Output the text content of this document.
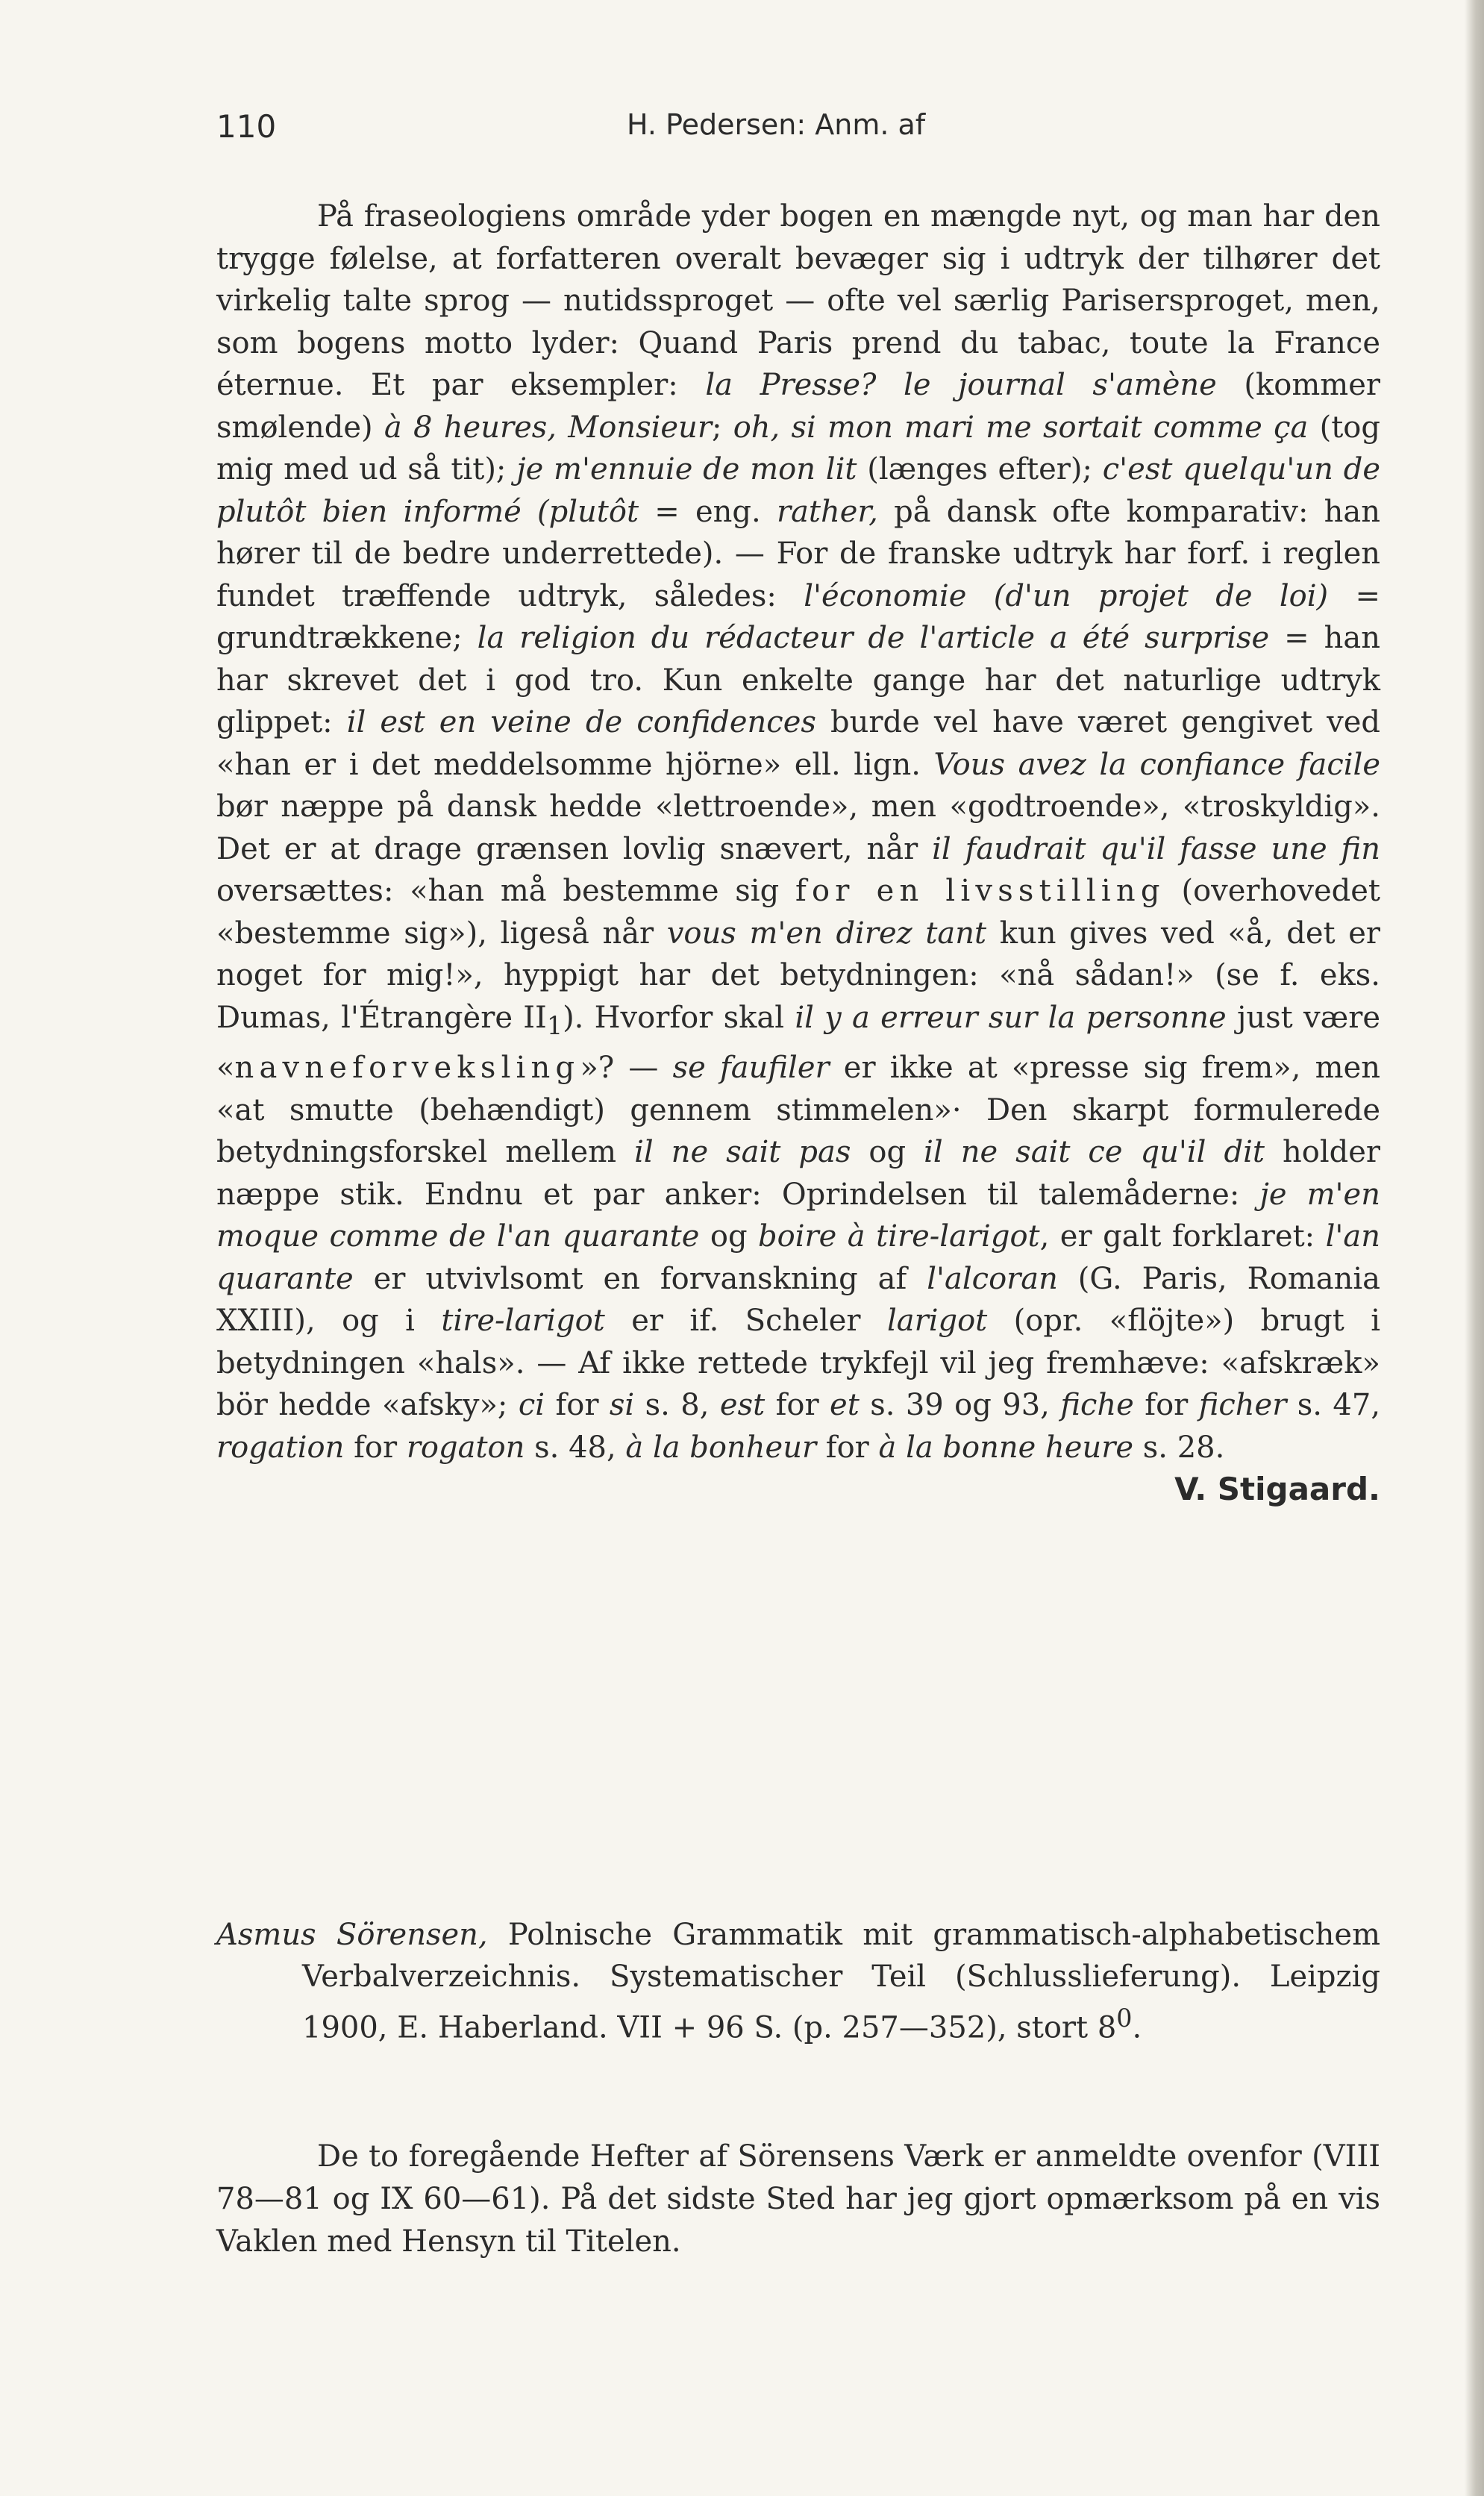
110	H. Pedersen: Anm. af

På fraseologiens område yder bogen en mængde nyt, og man har den trygge følelse, at forfatteren overalt bevæger sig i udtryk der tilhører det virkelig talte sprog — nutidssproget — ofte vel særlig Parisersproget, men, som bogens motto lyder: Quand Paris prend du tabac, toute la France éternue. Et par eksempler: la Presse? le journal s'amène (kommer smølende) à 8 heures, Monsieur; oh, si mon mari me sortait comme ça (tog mig med ud så tit); je m'ennuie de mon lit (længes efter); c'est quelqu'un de plutôt bien informé (plutôt = eng. rather, på dansk ofte komparativ: han hører til de bedre underrettede). — For de franske udtryk har forf. i reglen fundet træffende udtryk, således: l'économie (d'un projet de loi) = grundtrækkene; la religion du rédacteur de l'article a été surprise = han har skrevet det i god tro. Kun enkelte gange har det naturlige udtryk glippet: il est en veine de confidences burde vel have været gengivet ved «han er i det meddelsomme hjörne» ell. lign. Vous avez la confiance facile bør næppe på dansk hedde «lettroende», men «godtroende», «troskyldig». Det er at drage grænsen lovlig snævert, når il faudrait qu'il fasse une fin oversættes: «han må bestemme sig for en livsstilling (overhovedet «bestemme sig»), ligeså når vous m'en direz tant kun gives ved «å, det er noget for mig!», hyppigt har det betydningen: «nå sådan!» (se f. eks. Dumas, l'Étrangère $II_1$). Hvorfor skal il y a erreur sur la personne just være «navneforveksling»? — se faufiler er ikke at «presse sig frem», men «at smutte (behændigt) gennem stimmelen»· Den skarpt formulerede betydningsforskel mellem il ne sait pas og il ne sait ce qu'il dit holder næppe stik. Endnu et par anker: Oprindelsen til talemåderne: je m'en moque comme de l'an quarante og boire à tire-larigot, er galt forklaret: l'an quarante er utvivlsomt en forvanskning af l'alcoran (G. Paris, Romania XXIII), og i tire-larigot er if. Scheler larigot (opr. «flöjte») brugt i betydningen «hals». — Af ikke rettede trykfejl vil jeg fremhæve: «afskræk» bör hedde «afsky»; ci for si s. 8, est for et s. 39 og 93, fiche for ficher s. 47, rogation for rogaton s. 48, à la bonheur for à la bonne heure s. 28.

V. Stigaard.

Asmus Sörensen, Polnische Grammatik mit grammatisch-alphabetischem Verbalverzeichnis. Systematischer Teil (Schlusslieferung). Leipzig 1900, E. Haberland. VII + 96 S. (p. 257—352), stort $8^0$.

De to foregående Hefter af Sörensens Værk er anmeldte ovenfor (VIII 78—81 og IX 60—61). På det sidste Sted har jeg gjort opmærksom på en vis Vaklen med Hensyn til Titelen.
